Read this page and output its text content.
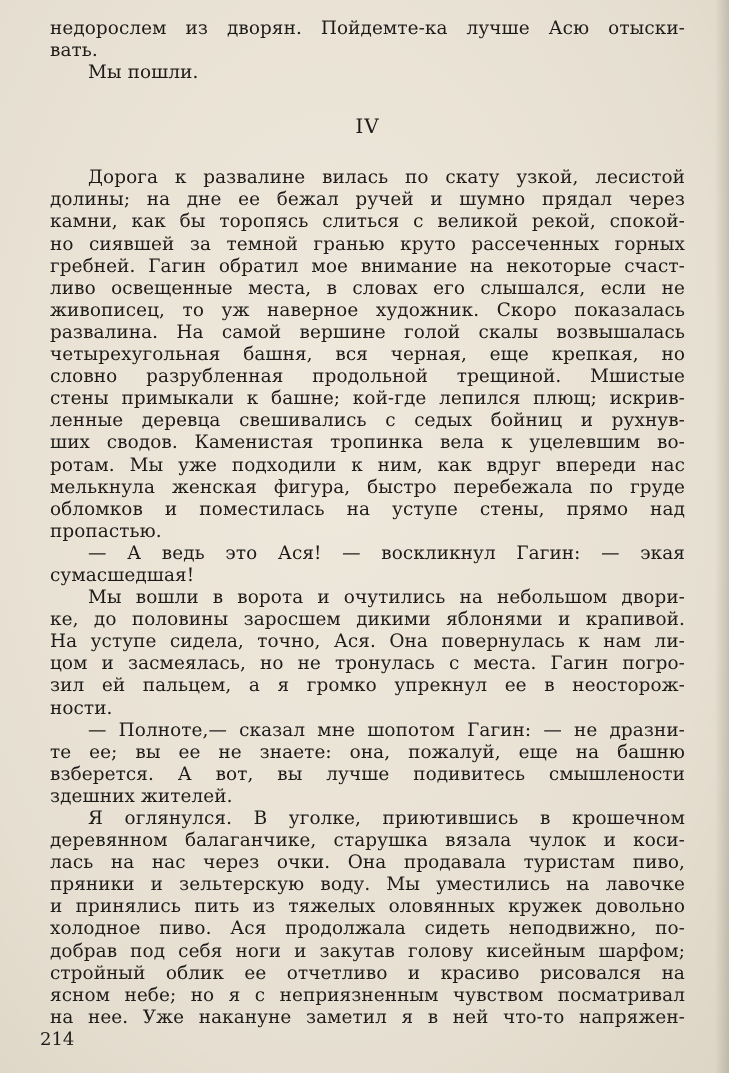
недорослем из дворян. Пойдемте-ка лучше Асю отыски-
вать.
Мы пошли.
IV
Дорога к развалине вилась по скату узкой, лесистой
долины; на дне ее бежал ручей и шумно прядал через
камни, как бы торопясь слиться с великой рекой, спокой-
но сиявшей за темной гранью круто рассеченных горных
гребней. Гагин обратил мое внимание на некоторые счаст-
ливо освещенные места, в словах его слышался, если не
живописец, то уж наверное художник. Скоро показалась
развалина. На самой вершине голой скалы возвышалась
четырехугольная башня, вся черная, еще крепкая, но
словно разрубленная продольной трещиной. Мшистые
стены примыкали к башне; кой-где лепился плющ; искрив-
ленные деревца свешивались с седых бойниц и рухнув-
ших сводов. Каменистая тропинка вела к уцелевшим во-
ротам. Мы уже подходили к ним, как вдруг впереди нас
мелькнула женская фигура, быстро перебежала по груде
обломков и поместилась на уступе стены, прямо над
пропастью.
— А ведь это Ася! — воскликнул Гагин: — экая
сумасшедшая!
Мы вошли в ворота и очутились на небольшом двори-
ке, до половины заросшем дикими яблонями и крапивой.
На уступе сидела, точно, Ася. Она повернулась к нам ли-
цом и засмеялась, но не тронулась с места. Гагин погро-
зил ей пальцем, а я громко упрекнул ее в неосторож-
ности.
— Полноте,— сказал мне шопотом Гагин: — не дразни-
те ее; вы ее не знаете: она, пожалуй, еще на башню
взберется. А вот, вы лучше подивитесь смышлености
здешних жителей.
Я оглянулся. В уголке, приютившись в крошечном
деревянном балаганчике, старушка вязала чулок и коси-
лась на нас через очки. Она продавала туристам пиво,
пряники и зельтерскую воду. Мы уместились на лавочке
и принялись пить из тяжелых оловянных кружек довольно
холодное пиво. Ася продолжала сидеть неподвижно, по-
добрав под себя ноги и закутав голову кисейным шарфом;
стройный облик ее отчетливо и красиво рисовался на
ясном небе; но я с неприязненным чувством посматривал
на нее. Уже накануне заметил я в ней что-то напряжен-
214
